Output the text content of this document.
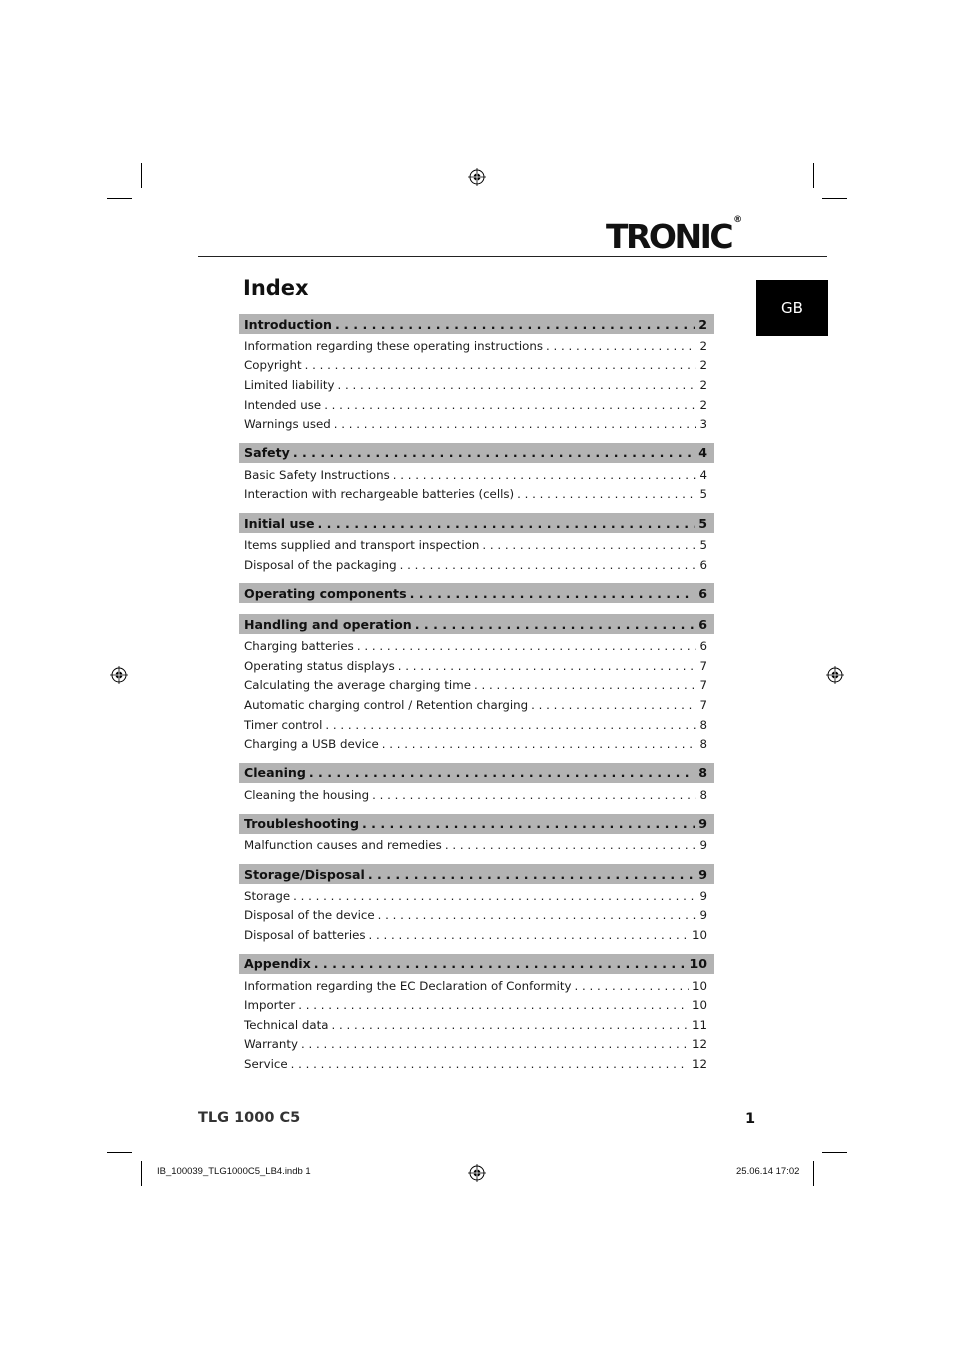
TRONIC ®
Index
GB
Introduction . . .	2
Information regarding these operating instructions . . .	2
Copyright . . .	2
Limited liability . . .	2
Intended use . . .	2
Warnings used . . .	3
Safety . . .	4
Basic Safety Instructions . . .	4
Interaction with rechargeable batteries (cells) . . .	5
Initial use . . .	5
Items supplied and transport inspection . . .	5
Disposal of the packaging . . .	6
Operating components . . .	6
Handling and operation . . .	6
Charging batteries . . .	6
Operating status displays . . .	7
Calculating the average charging time . . .	7
Automatic charging control / Retention charging . . .	7
Timer control . . .	8
Charging a USB device . . .	8
Cleaning . . .	8
Cleaning the housing . . .	8
Troubleshooting . . .	9
Malfunction causes and remedies . . .	9
Storage/Disposal . . .	9
Storage . . .	9
Disposal of the device . . .	9
Disposal of batteries . . .	10
Appendix . . .	10
Information regarding the EC Declaration of Conformity . . .	10
Importer . . .	10
Technical data . . .	11
Warranty . . .	12
Service . . .	12
TLG 1000 C5	1
IB_100039_TLG1000C5_LB4.indb 1	25.06.14 17:02
